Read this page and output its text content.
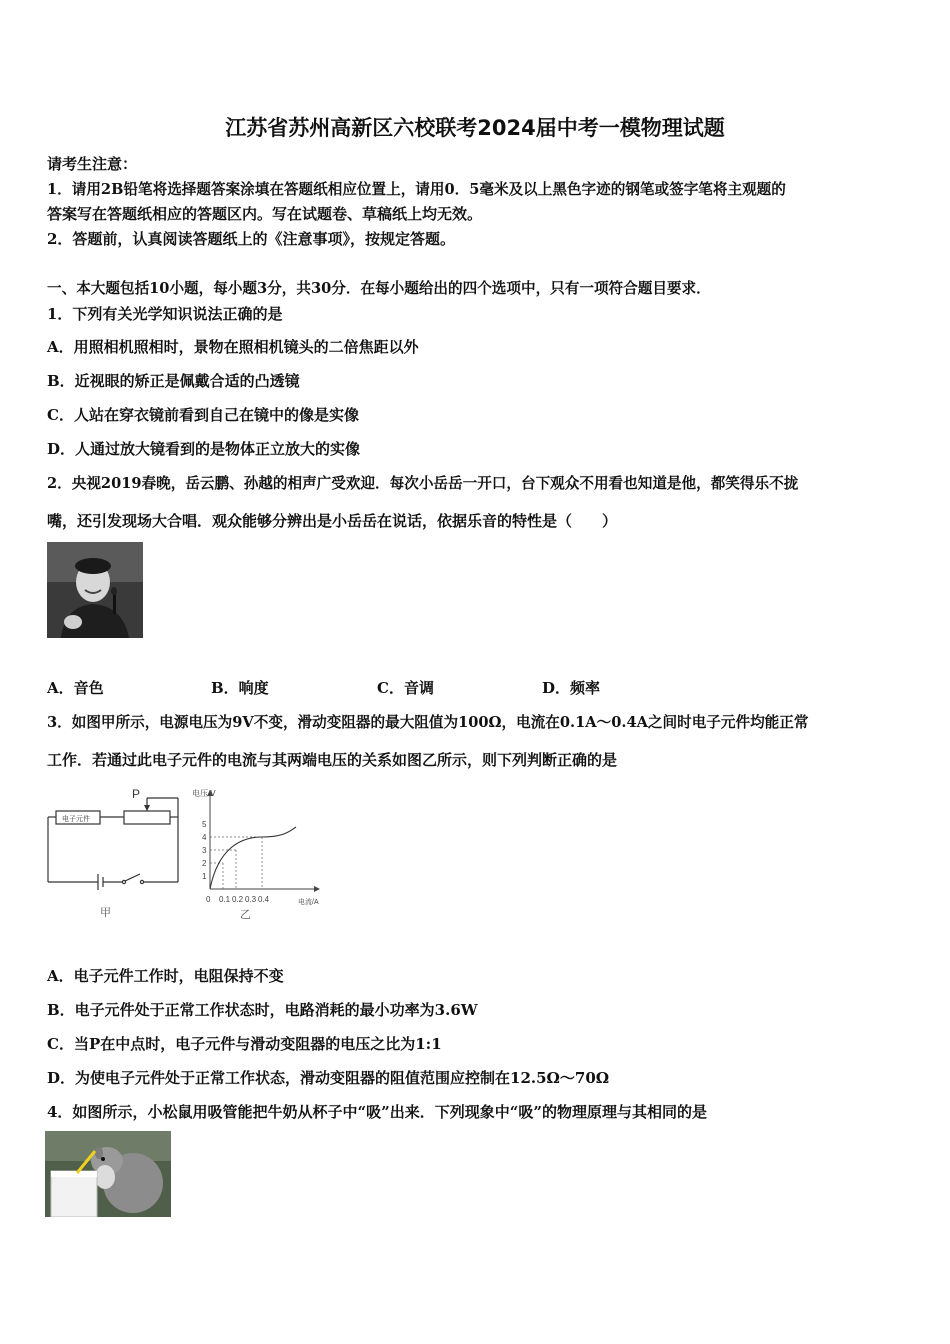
江苏省苏州高新区六校联考2024届中考一模物理试题
请考生注意：
1．请用2B铅笔将选择题答案涂填在答题纸相应位置上，请用0．5毫米及以上黑色字迹的钢笔或签字笔将主观题的
答案写在答题纸相应的答题区内。写在试题卷、草稿纸上均无效。
2．答题前，认真阅读答题纸上的《注意事项》，按规定答题。
一、本大题包括10小题，每小题3分，共30分．在每小题给出的四个选项中，只有一项符合题目要求．
1．下列有关光学知识说法正确的是
A．用照相机照相时，景物在照相机镜头的二倍焦距以外
B．近视眼的矫正是佩戴合适的凸透镜
C．人站在穿衣镜前看到自己在镜中的像是实像
D．人通过放大镜看到的是物体正立放大的实像
2．央视2019春晚，岳云鹏、孙越的相声广受欢迎．每次小岳岳一开口，台下观众不用看也知道是他，都笑得乐不拢
嘴，还引发现场大合唱．观众能够分辨出是小岳岳在说话，依据乐音的特性是（　　）
A．音色	B．响度	C．音调	D．频率
3．如图甲所示，电源电压为9V不变，滑动变阻器的最大阻值为100Ω，电流在0.1A～0.4A之间时电子元件均能正常
工作．若通过此电子元件的电流与其两端电压的关系如图乙所示，则下列判断正确的是
电子元件
P
甲
电压/V
电流/A
0
乙
0.1 0.2 0.3 0.4
1
2
3
4
5
A．电子元件工作时，电阻保持不变
B．电子元件处于正常工作状态时，电路消耗的最小功率为3.6W
C．当P在中点时，电子元件与滑动变阻器的电压之比为1:1
D．为使电子元件处于正常工作状态，滑动变阻器的阻值范围应控制在12.5Ω～70Ω
4．如图所示，小松鼠用吸管能把牛奶从杯子中“吸”出来．下列现象中“吸”的物理原理与其相同的是
